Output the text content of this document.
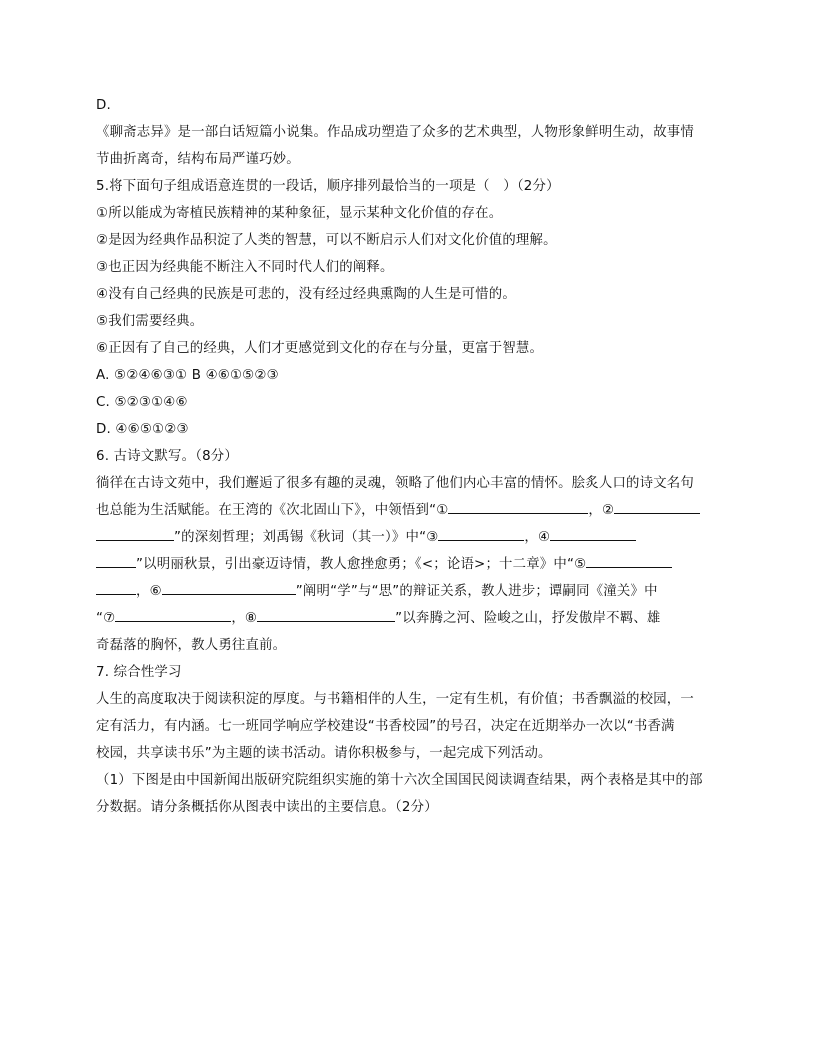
D.
《聊斋志异》是一部白话短篇小说集。作品成功塑造了众多的艺术典型，人物形象鲜明生动，故事情
节曲折离奇，结构布局严谨巧妙。
5.将下面句子组成语意连贯的一段话，顺序排列最恰当的一项是（　）（2分）
①所以能成为寄植民族精神的某种象征，显示某种文化价值的存在。
②是因为经典作品积淀了人类的智慧，可以不断启示人们对文化价值的理解。
③也正因为经典能不断注入不同时代人们的阐释。
④没有自己经典的民族是可悲的，没有经过经典熏陶的人生是可惜的。
⑤我们需要经典。
⑥正因有了自己的经典，人们才更感觉到文化的存在与分量，更富于智慧。
A. ⑤②④⑥③① B ④⑥①⑤②③
C. ⑤②③①④⑥
D. ④⑥⑤①②③
6. 古诗文默写。（8分）
徜徉在古诗文苑中，我们邂逅了很多有趣的灵魂，领略了他们内心丰富的情怀。脍炙人口的诗文名句
也总能为生活赋能。在王湾的《次北固山下》，中领悟到“①	，②
”的深刻哲理；刘禹锡《秋词（其一）》中“③	，④
”以明丽秋景，引出豪迈诗情，教人愈挫愈勇；《<；论语>；十二章》中“⑤
，⑥	”阐明“学”与“思”的辩证关系，教人进步；谭嗣同《潼关》中
“⑦	，⑧	”以奔腾之河、险峻之山，抒发傲岸不羁、雄
奇磊落的胸怀，教人勇往直前。
7. 综合性学习
人生的高度取决于阅读积淀的厚度。与书籍相伴的人生，一定有生机，有价值；书香飘溢的校园，一
定有活力，有内涵。七一班同学响应学校建设“书香校园”的号召，决定在近期举办一次以“书香满
校园，共享读书乐”为主题的读书活动。请你积极参与，一起完成下列活动。
（1）下图是由中国新闻出版研究院组织实施的第十六次全国国民阅读调查结果，两个表格是其中的部
分数据。请分条概括你从图表中读出的主要信息。（2分）
